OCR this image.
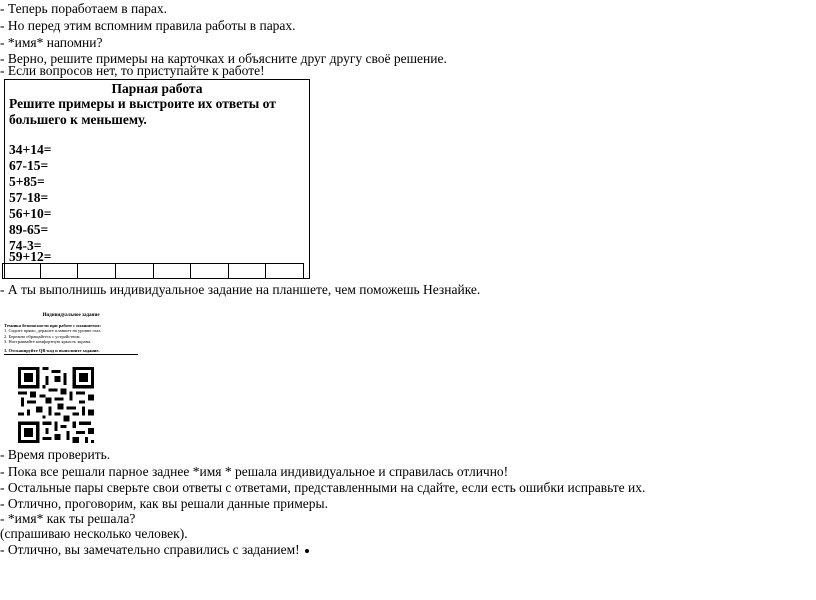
- Теперь поработаем в парах.
- Но перед этим вспомним правила работы в парах.
- *имя* напомни?
- Верно, решите примеры на карточках и объясните друг другу своё решение.
- Если вопросов нет, то приступайте к работе!
Парная работа
Решите примеры и выстроите их ответы от большего к меньшему.
34+14=
67-15=
5+85=
57-18=
56+10=
89-65=
74-3=
59+12=
- А ты выполнишь индивидуальное задание на планшете, чем поможешь Незнайке.
Индивидуальное задание
Техника безопасности при работе с планшетом:
1. Сидите прямо, держите планшет на уровне глаз.
2. Бережно обращайтесь с устройством.
3. Настраивайте комфортную яркость экрана.
1. Отсканируйте QR-код и выполните задание.
- Время проверить.
- Пока все решали парное заднее *имя * решала индивидуальное и справилась отлично!
- Остальные пары сверьте свои ответы с ответами, представленными на сдайте, если есть ошибки исправьте их.
- Отлично, проговорим, как вы решали данные примеры.
- *имя* как ты решала?
(спрашиваю несколько человек).
- Отлично, вы замечательно справились с заданием!
